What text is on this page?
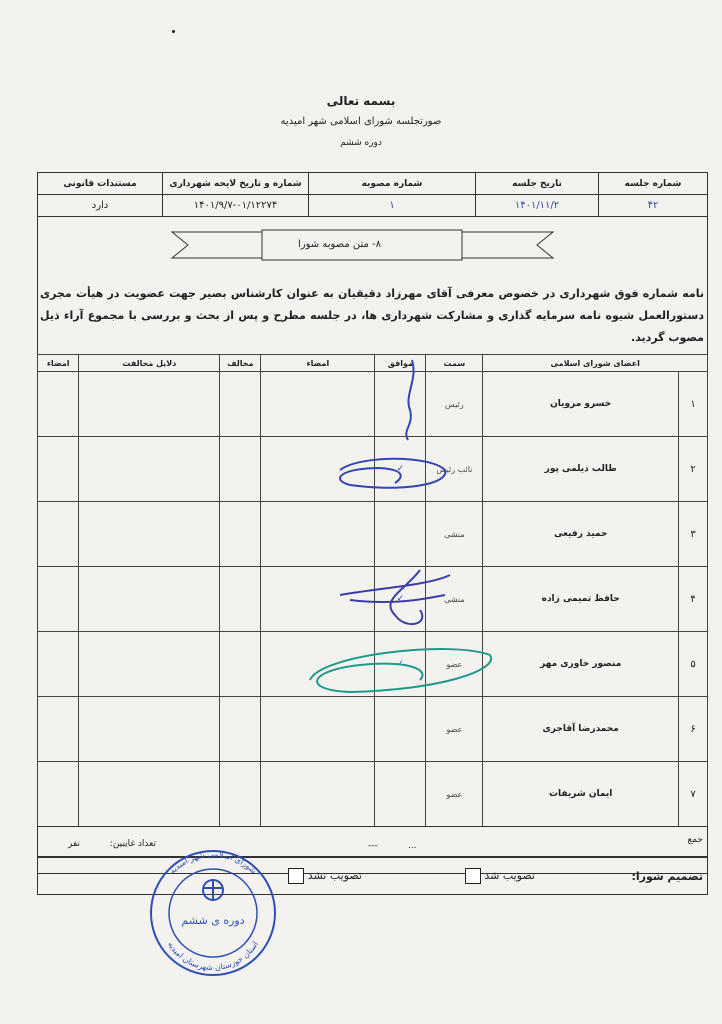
بسمه تعالی
صورتجلسه شورای اسلامی شهر امیدیه
دوره ششم
شماره جلسه	تاریخ جلسه	شماره مصوبه	شماره و تاریخ لایحه شهرداری	مستندات قانونی
۴۲	۱۴۰۱/۱۱/۲	۱	۱۴۰۱/۹/۷-۰۱/۱۲۲۷۴	دارد
۸- متن مصوبه شورا
نامه شماره فوق شهرداری در خصوص معرفی آقای مهرزاد دقیقیان به عنوان کارشناس بصیر جهت عضویت در هیأت مجری دستورالعمل شیوه نامه سرمایه گذاری و مشارکت شهرداری ها، در جلسه مطرح و پس از بحث و بررسی با مجموع آراء ذیل مصوب گردید.
اعضای شورای اسلامی		سمت	موافق	امضاء	مخالف	دلایل مخالفت	امضاء
۱	خسرو مرویان	رئیس					
۲	طالب دیلمی پور	نائب رئیس	✓				
۳	حمید رفیعی	منشی					
۴	حافظ تمیمی زاده	منشی	✓				
۵	منصور خاوری مهر	عضو	✓				
۶	محمدرضا آقاجری	عضو					
۷	ایمان شریفات	عضو					
جمع
...
---
تعداد غایبین:  نفر
تصمیم شورا:
تصویب شد
تصویب نشد
دوره ی ششم
شورای اسلامی شهر امیدیه
استان خوزستان شهرستان امیدیه
